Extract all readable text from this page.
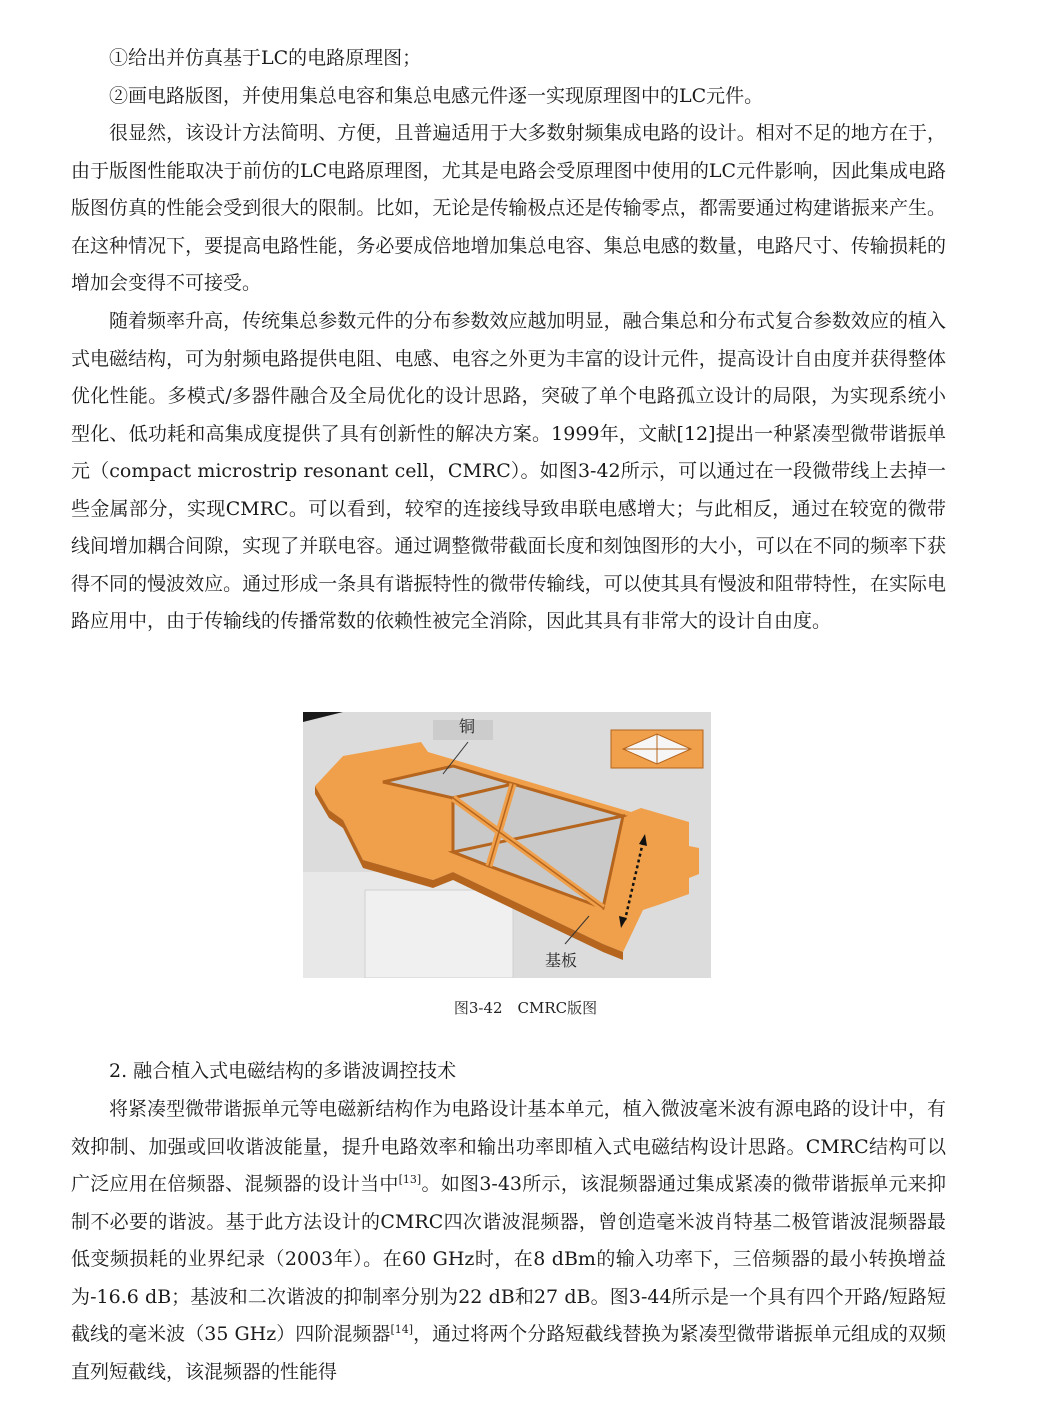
①给出并仿真基于LC的电路原理图；

②画电路版图，并使用集总电容和集总电感元件逐一实现原理图中的LC元件。

很显然，该设计方法简明、方便，且普遍适用于大多数射频集成电路的设计。相对不足的地方在于，由于版图性能取决于前仿的LC电路原理图，尤其是电路会受原理图中使用的LC元件影响，因此集成电路版图仿真的性能会受到很大的限制。比如，无论是传输极点还是传输零点，都需要通过构建谐振来产生。在这种情况下，要提高电路性能，务必要成倍地增加集总电容、集总电感的数量，电路尺寸、传输损耗的增加会变得不可接受。

随着频率升高，传统集总参数元件的分布参数效应越加明显，融合集总和分布式复合参数效应的植入式电磁结构，可为射频电路提供电阻、电感、电容之外更为丰富的设计元件，提高设计自由度并获得整体优化性能。多模式/多器件融合及全局优化的设计思路，突破了单个电路孤立设计的局限，为实现系统小型化、低功耗和高集成度提供了具有创新性的解决方案。1999年，文献[12]提出一种紧凑型微带谐振单元（compact microstrip resonant cell，CMRC）。如图3-42所示，可以通过在一段微带线上去掉一些金属部分，实现CMRC。可以看到，较窄的连接线导致串联电感增大；与此相反，通过在较宽的微带线间增加耦合间隙，实现了并联电容。通过调整微带截面长度和刻蚀图形的大小，可以在不同的频率下获得不同的慢波效应。通过形成一条具有谐振特性的微带传输线，可以使其具有慢波和阻带特性，在实际电路应用中，由于传输线的传播常数的依赖性被完全消除，因此其具有非常大的设计自由度。

铜
基板
图3-42　CMRC版图
2. 融合植入式电磁结构的多谐波调控技术

将紧凑型微带谐振单元等电磁新结构作为电路设计基本单元，植入微波毫米波有源电路的设计中，有效抑制、加强或回收谐波能量，提升电路效率和输出功率即植入式电磁结构设计思路。CMRC结构可以广泛应用在倍频器、混频器的设计当中[13]。如图3-43所示，该混频器通过集成紧凑的微带谐振单元来抑制不必要的谐波。基于此方法设计的CMRC四次谐波混频器，曾创造毫米波肖特基二极管谐波混频器最低变频损耗的业界纪录（2003年）。在60 GHz时，在8 dBm的输入功率下，三倍频器的最小转换增益为-16.6 dB；基波和二次谐波的抑制率分别为22 dB和27 dB。图3-44所示是一个具有四个开路/短路短截线的毫米波（35 GHz）四阶混频器[14]，通过将两个分路短截线替换为紧凑型微带谐振单元组成的双频直列短截线，该混频器的性能得
